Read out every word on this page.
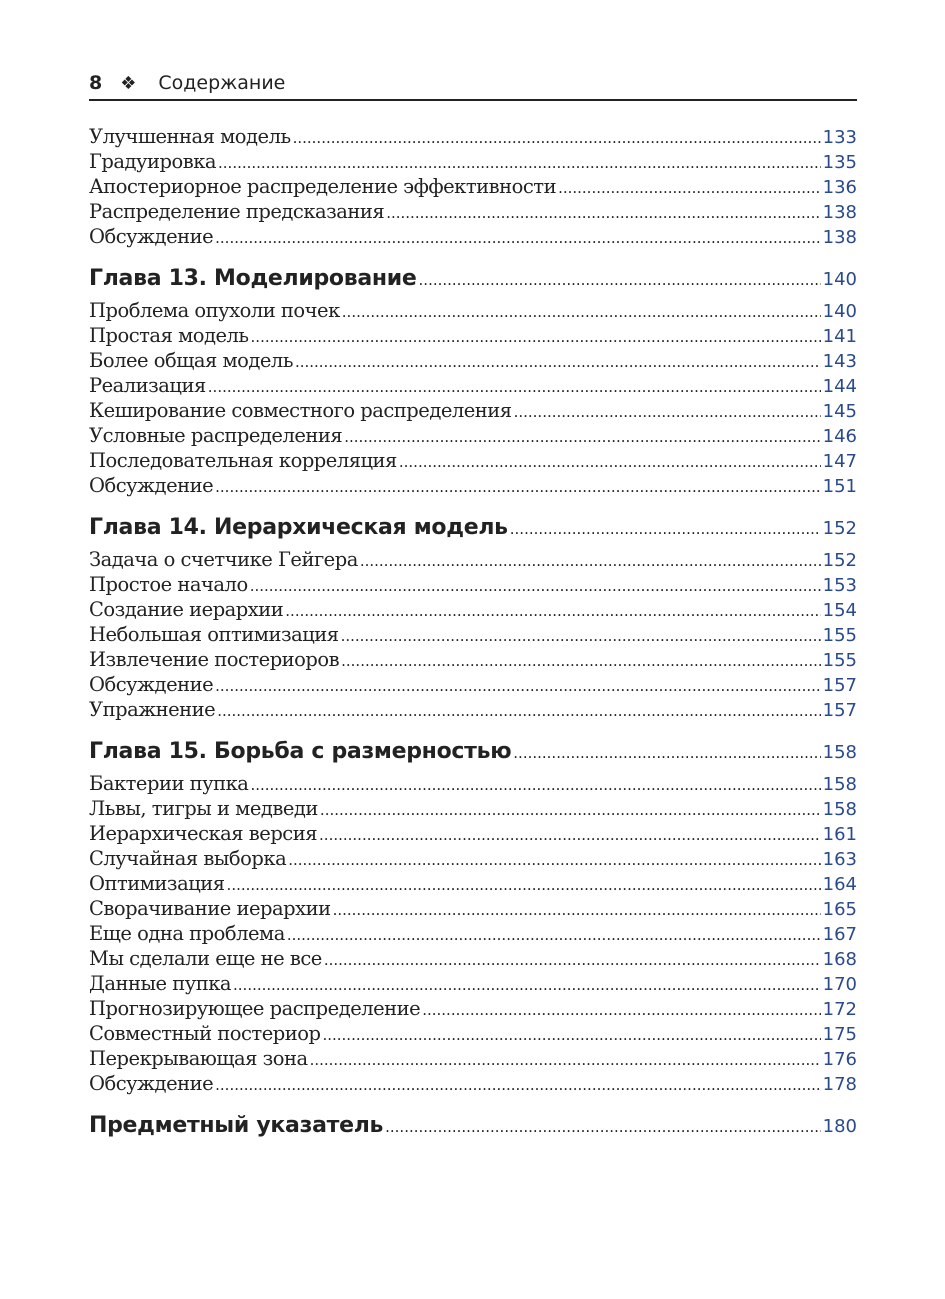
8 ❖ Содержание
Улучшенная модель .....	133
Градуировка .....	135
Апостериорное распределение эффективности .....	136
Распределение предсказания .....	138
Обсуждение .....	138
Глава 13. Моделирование .....	140
Проблема опухоли почек .....	140
Простая модель .....	141
Более общая модель .....	143
Реализация .....	144
Кеширование совместного распределения .....	145
Условные распределения .....	146
Последовательная корреляция .....	147
Обсуждение .....	151
Глава 14. Иерархическая модель .....	152
Задача о счетчике Гейгера .....	152
Простое начало .....	153
Создание иерархии .....	154
Небольшая оптимизация .....	155
Извлечение постериоров .....	155
Обсуждение .....	157
Упражнение .....	157
Глава 15. Борьба с размерностью .....	158
Бактерии пупка .....	158
Львы, тигры и медведи .....	158
Иерархическая версия .....	161
Случайная выборка .....	163
Оптимизация .....	164
Сворачивание иерархии .....	165
Еще одна проблема .....	167
Мы сделали еще не все .....	168
Данные пупка .....	170
Прогнозирующее распределение .....	172
Совместный постериор .....	175
Перекрывающая зона .....	176
Обсуждение .....	178
Предметный указатель .....	180
